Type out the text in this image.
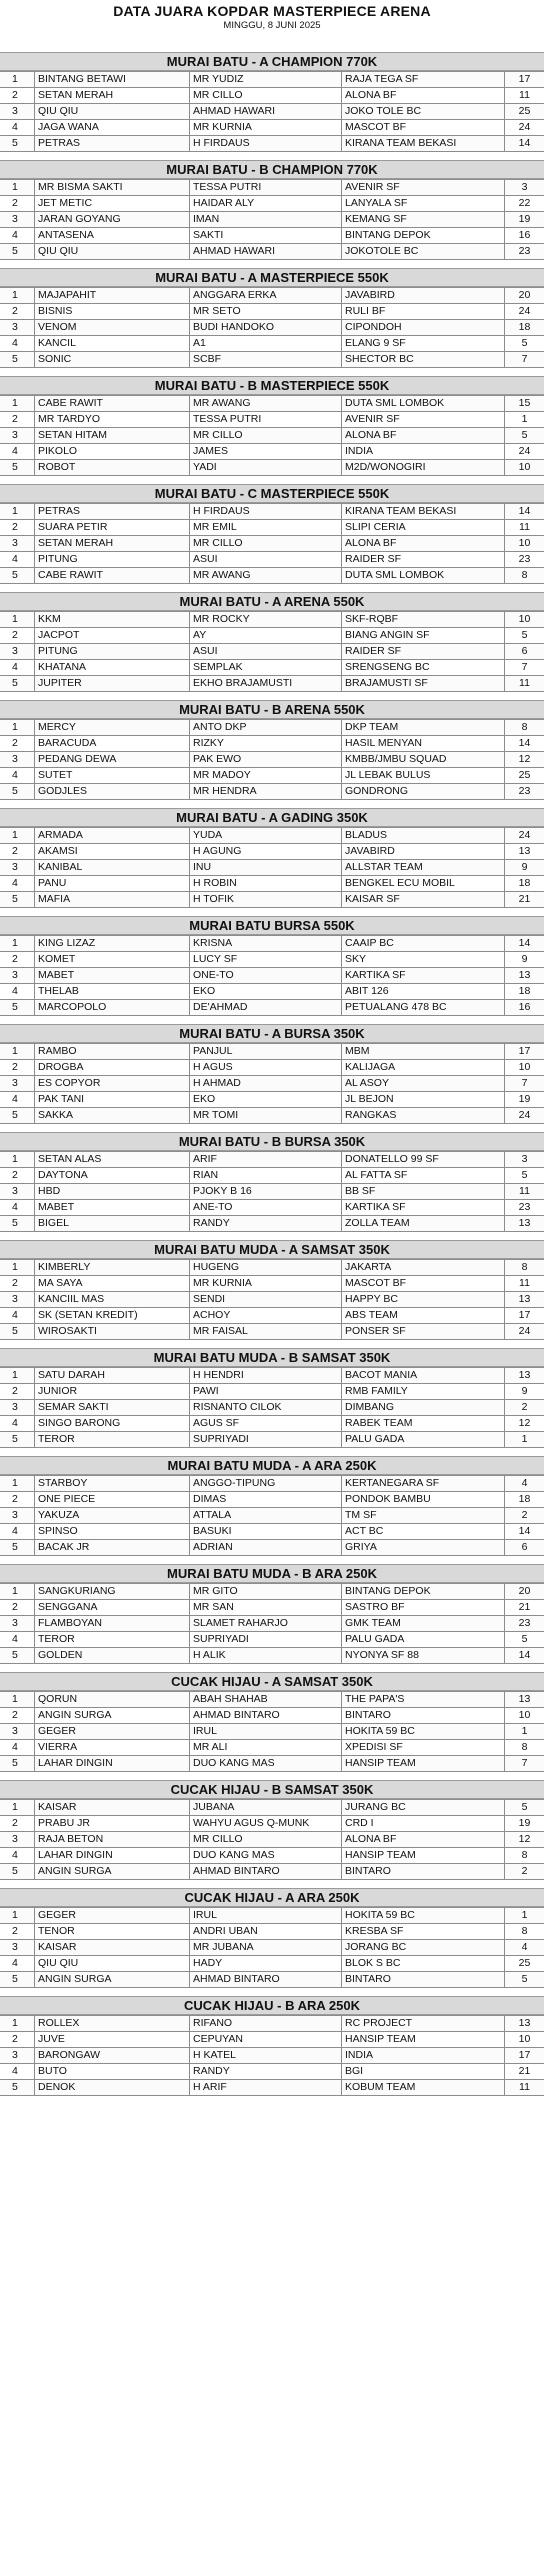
DATA JUARA KOPDAR MASTERPIECE ARENA
MINGGU, 8 JUNI 2025
MURAI BATU - A CHAMPION 770K
1	BINTANG BETAWI	MR YUDIZ	RAJA TEGA SF	17
2	SETAN MERAH	MR CILLO	ALONA BF	11
3	QIU QIU	AHMAD HAWARI	JOKO TOLE BC	25
4	JAGA WANA	MR KURNIA	MASCOT BF	24
5	PETRAS	H FIRDAUS	KIRANA TEAM BEKASI	14
MURAI BATU - B CHAMPION 770K
1	MR BISMA SAKTI	TESSA PUTRI	AVENIR SF	3
2	JET METIC	HAIDAR ALY	LANYALA SF	22
3	JARAN GOYANG	IMAN	KEMANG SF	19
4	ANTASENA	SAKTI	BINTANG DEPOK	16
5	QIU QIU	AHMAD HAWARI	JOKOTOLE BC	23
MURAI BATU - A MASTERPIECE 550K
1	MAJAPAHIT	ANGGARA ERKA	JAVABIRD	20
2	BISNIS	MR SETO	RULI BF	24
3	VENOM	BUDI HANDOKO	CIPONDOH	18
4	KANCIL	A1	ELANG 9 SF	5
5	SONIC	SCBF	SHECTOR BC	7
MURAI BATU - B MASTERPIECE 550K
1	CABE RAWIT	MR AWANG	DUTA SML LOMBOK	15
2	MR TARDYO	TESSA PUTRI	AVENIR SF	1
3	SETAN HITAM	MR CILLO	ALONA BF	5
4	PIKOLO	JAMES	INDIA	24
5	ROBOT	YADI	M2D/WONOGIRI	10
MURAI BATU - C MASTERPIECE 550K
1	PETRAS	H FIRDAUS	KIRANA TEAM BEKASI	14
2	SUARA PETIR	MR EMIL	SLIPI CERIA	11
3	SETAN MERAH	MR CILLO	ALONA BF	10
4	PITUNG	ASUI	RAIDER SF	23
5	CABE RAWIT	MR AWANG	DUTA SML LOMBOK	8
MURAI BATU - A ARENA 550K
1	KKM	MR ROCKY	SKF-RQBF	10
2	JACPOT	AY	BIANG ANGIN SF	5
3	PITUNG	ASUI	RAIDER SF	6
4	KHATANA	SEMPLAK	SRENGSENG BC	7
5	JUPITER	EKHO BRAJAMUSTI	BRAJAMUSTI SF	11
MURAI BATU - B ARENA 550K
1	MERCY	ANTO DKP	DKP TEAM	8
2	BARACUDA	RIZKY	HASIL MENYAN	14
3	PEDANG DEWA	PAK EWO	KMBB/JMBU SQUAD	12
4	SUTET	MR MADOY	JL LEBAK BULUS	25
5	GODJLES	MR HENDRA	GONDRONG	23
MURAI BATU - A GADING 350K
1	ARMADA	YUDA	BLADUS	24
2	AKAMSI	H AGUNG	JAVABIRD	13
3	KANIBAL	INU	ALLSTAR TEAM	9
4	PANU	H ROBIN	BENGKEL ECU MOBIL	18
5	MAFIA	H TOFIK	KAISAR SF	21
MURAI BATU BURSA 550K
1	KING LIZAZ	KRISNA	CAAIP BC	14
2	KOMET	LUCY SF	SKY	9
3	MABET	ONE-TO	KARTIKA SF	13
4	THELAB	EKO	ABIT 126	18
5	MARCOPOLO	DE'AHMAD	PETUALANG 478 BC	16
MURAI BATU - A BURSA 350K
1	RAMBO	PANJUL	MBM	17
2	DROGBA	H AGUS	KALIJAGA	10
3	ES COPYOR	H AHMAD	AL ASOY	7
4	PAK TANI	EKO	JL BEJON	19
5	SAKKA	MR TOMI	RANGKAS	24
MURAI BATU - B BURSA 350K
1	SETAN ALAS	ARIF	DONATELLO 99 SF	3
2	DAYTONA	RIAN	AL FATTA SF	5
3	HBD	PJOKY B 16	BB SF	11
4	MABET	ANE-TO	KARTIKA SF	23
5	BIGEL	RANDY	ZOLLA TEAM	13
MURAI BATU MUDA - A SAMSAT 350K
1	KIMBERLY	HUGENG	JAKARTA	8
2	MA SAYA	MR KURNIA	MASCOT BF	11
3	KANCIIL MAS	SENDI	HAPPY BC	13
4	SK (SETAN KREDIT)	ACHOY	ABS TEAM	17
5	WIROSAKTI	MR FAISAL	PONSER SF	24
MURAI BATU MUDA - B SAMSAT 350K
1	SATU DARAH	H HENDRI	BACOT MANIA	13
2	JUNIOR	PAWI	RMB FAMILY	9
3	SEMAR SAKTI	RISNANTO CILOK	DIMBANG	2
4	SINGO BARONG	AGUS SF	RABEK TEAM	12
5	TEROR	SUPRIYADI	PALU GADA	1
MURAI BATU MUDA - A ARA 250K
1	STARBOY	ANGGO-TIPUNG	KERTANEGARA SF	4
2	ONE PIECE	DIMAS	PONDOK BAMBU	18
3	YAKUZA	ATTALA	TM SF	2
4	SPINSO	BASUKI	ACT BC	14
5	BACAK JR	ADRIAN	GRIYA	6
MURAI BATU MUDA - B ARA 250K
1	SANGKURIANG	MR GITO	BINTANG DEPOK	20
2	SENGGANA	MR SAN	SASTRO BF	21
3	FLAMBOYAN	SLAMET RAHARJO	GMK TEAM	23
4	TEROR	SUPRIYADI	PALU GADA	5
5	GOLDEN	H ALIK	NYONYA SF 88	14
CUCAK HIJAU - A SAMSAT 350K
1	QORUN	ABAH SHAHAB	THE PAPA'S	13
2	ANGIN SURGA	AHMAD BINTARO	BINTARO	10
3	GEGER	IRUL	HOKITA 59 BC	1
4	VIERRA	MR ALI	XPEDISI SF	8
5	LAHAR DINGIN	DUO KANG MAS	HANSIP TEAM	7
CUCAK HIJAU - B SAMSAT 350K
1	KAISAR	JUBANA	JURANG BC	5
2	PRABU JR	WAHYU AGUS Q-MUNK	CRD I	19
3	RAJA BETON	MR CILLO	ALONA BF	12
4	LAHAR DINGIN	DUO KANG MAS	HANSIP TEAM	8
5	ANGIN SURGA	AHMAD BINTARO	BINTARO	2
CUCAK HIJAU - A ARA 250K
1	GEGER	IRUL	HOKITA 59 BC	1
2	TENOR	ANDRI UBAN	KRESBA SF	8
3	KAISAR	MR JUBANA	JORANG BC	4
4	QIU QIU	HADY	BLOK S BC	25
5	ANGIN SURGA	AHMAD BINTARO	BINTARO	5
CUCAK HIJAU - B ARA 250K
1	ROLLEX	RIFANO	RC PROJECT	13
2	JUVE	CEPUYAN	HANSIP TEAM	10
3	BARONGAW	H KATEL	INDIA	17
4	BUTO	RANDY	BGI	21
5	DENOK	H ARIF	KOBUM TEAM	11
